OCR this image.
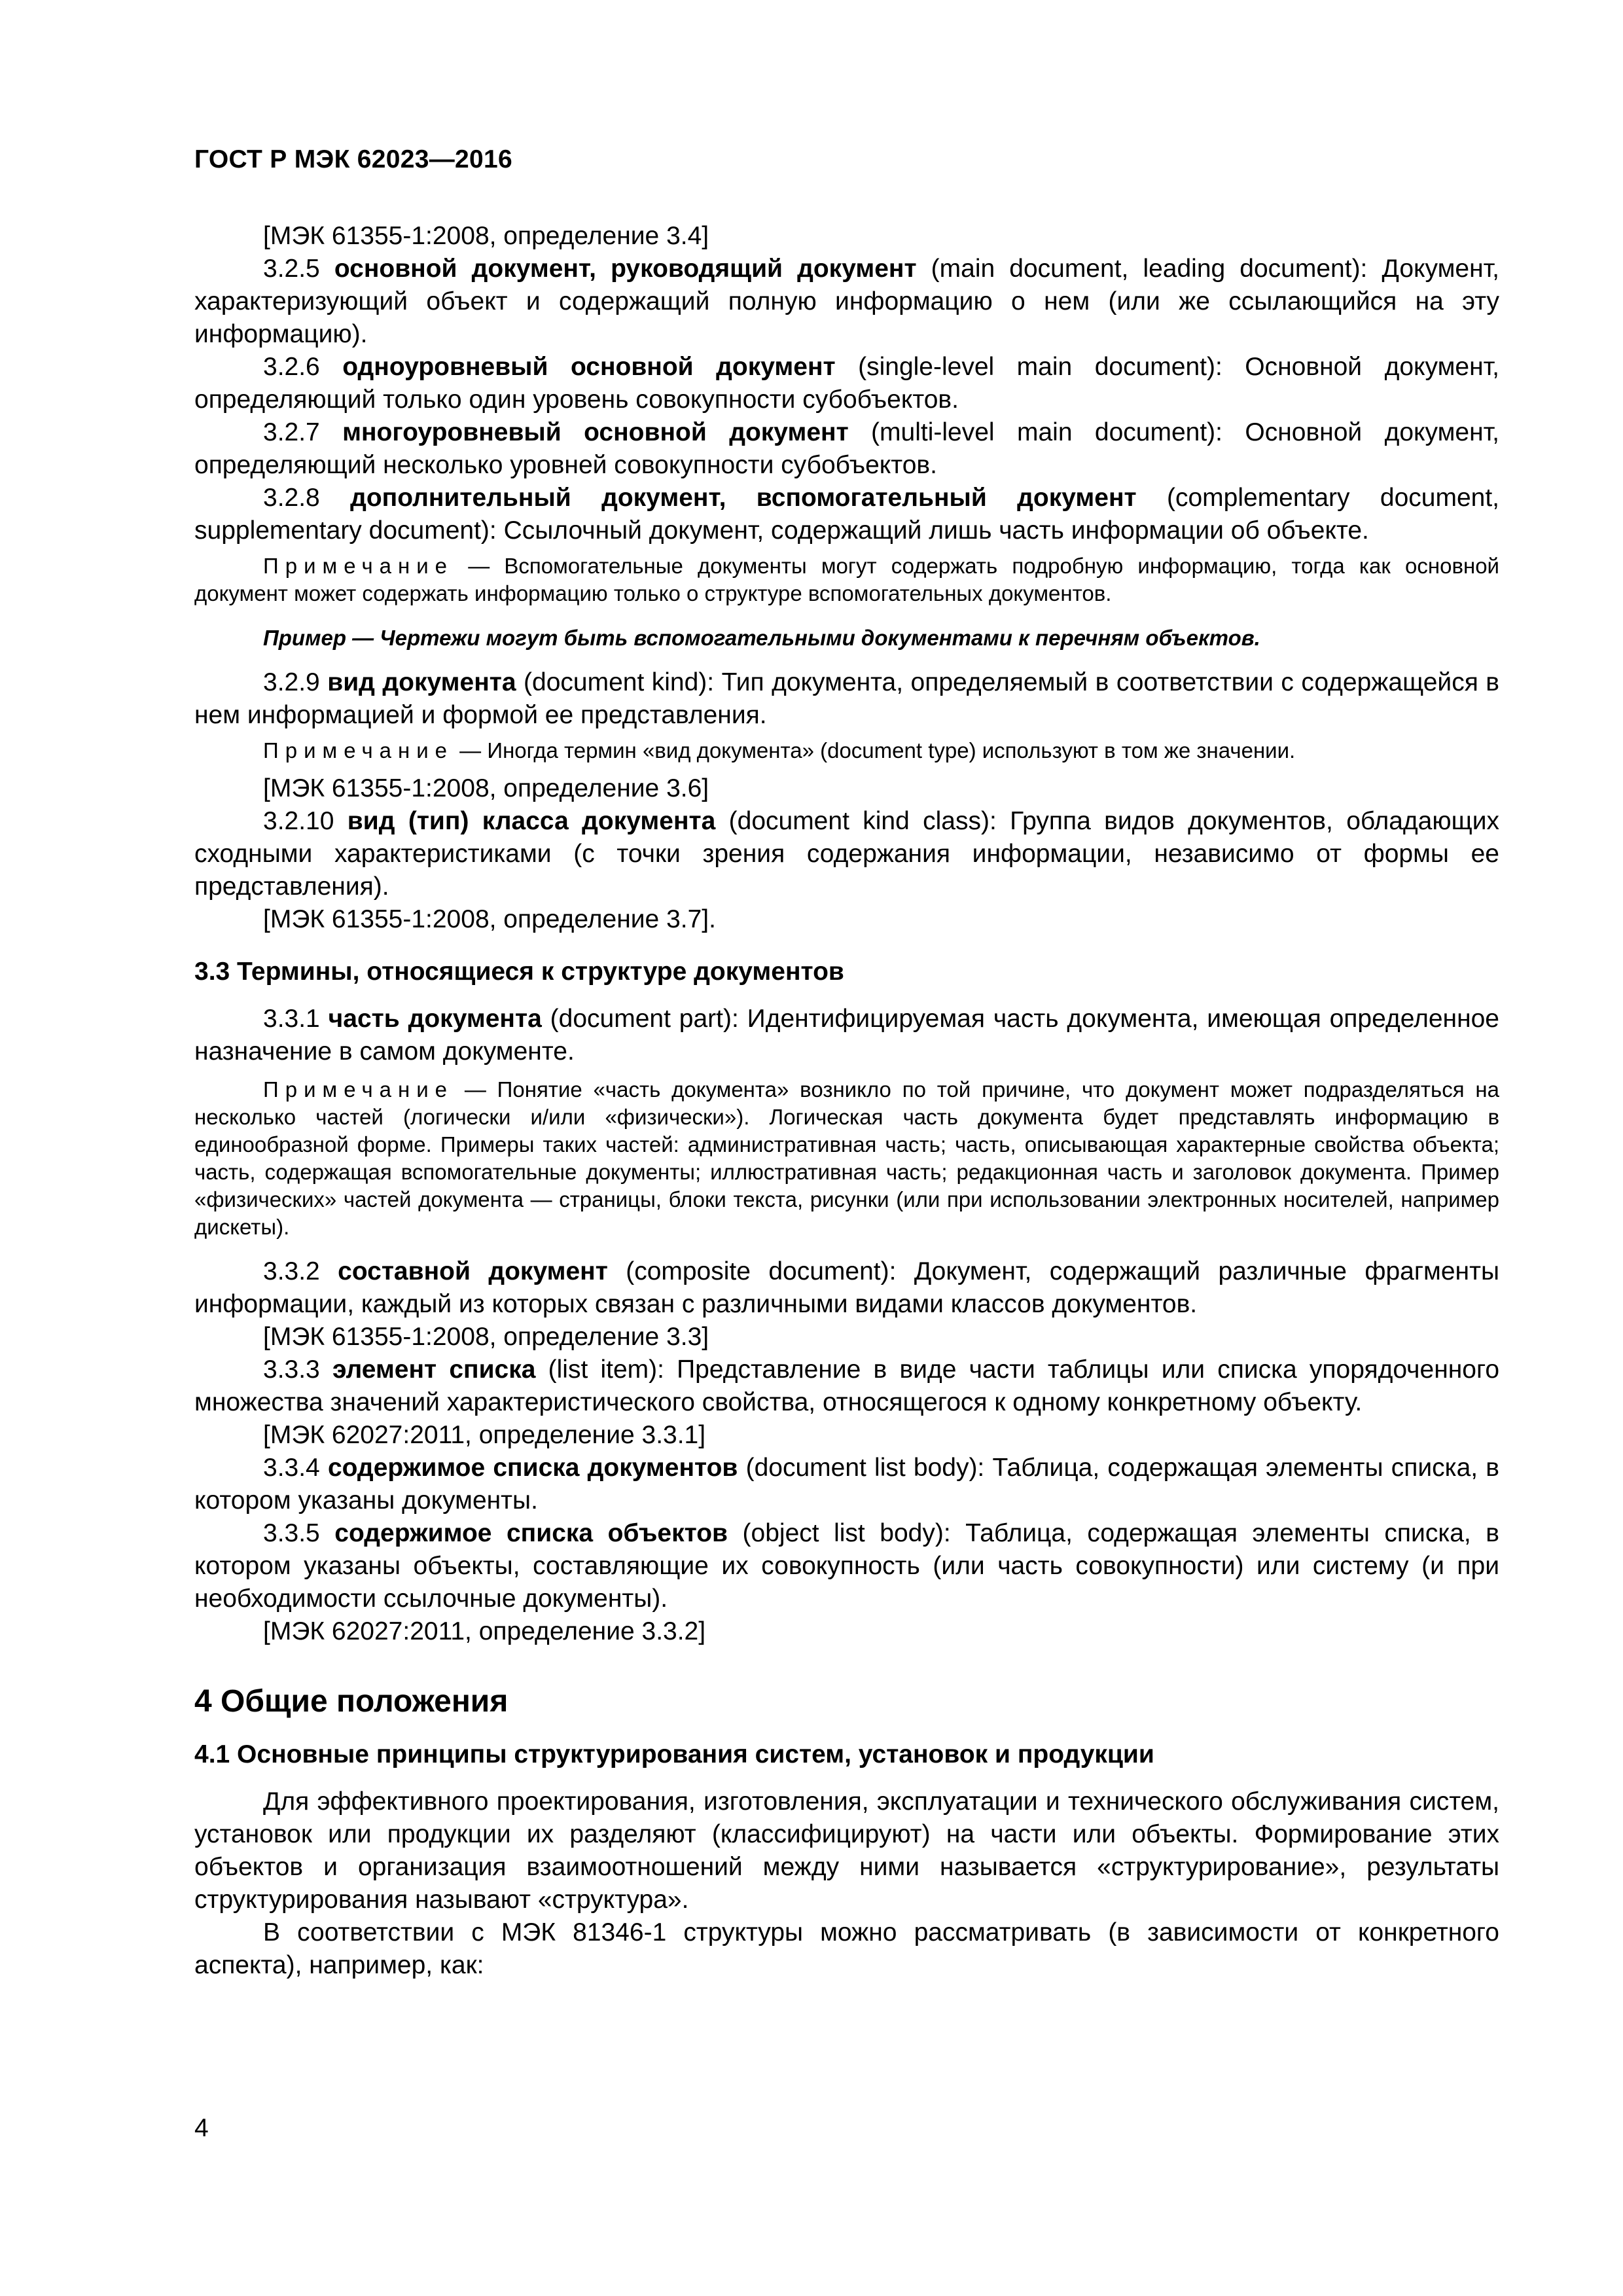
ГОСТ Р МЭК 62023—2016

[МЭК 61355-1:2008, определение 3.4]

3.2.5 основной документ, руководящий документ (main document, leading document): Документ, характеризующий объект и содержащий полную информацию о нем (или же ссылающийся на эту информацию).

3.2.6 одноуровневый основной документ (single-level main document): Основной документ, определяющий только один уровень совокупности субобъектов.

3.2.7 многоуровневый основной документ (multi-level main document): Основной документ, определяющий несколько уровней совокупности субобъектов.

3.2.8 дополнительный документ, вспомогательный документ (complementary document, supplementary document): Ссылочный документ, содержащий лишь часть информации об объекте.

Примечание — Вспомогательные документы могут содержать подробную информацию, тогда как основной документ может содержать информацию только о структуре вспомогательных документов.

Пример — Чертежи могут быть вспомогательными документами к перечням объектов.

3.2.9 вид документа (document kind): Тип документа, определяемый в соответствии с содержащейся в нем информацией и формой ее представления.

Примечание — Иногда термин «вид документа» (document type) используют в том же значении.

[МЭК 61355-1:2008, определение 3.6]

3.2.10 вид (тип) класса документа (document kind class): Группа видов документов, обладающих сходными характеристиками (с точки зрения содержания информации, независимо от формы ее представления).

[МЭК 61355-1:2008, определение 3.7].

3.3 Термины, относящиеся к структуре документов

3.3.1 часть документа (document part): Идентифицируемая часть документа, имеющая определенное назначение в самом документе.

Примечание — Понятие «часть документа» возникло по той причине, что документ может подразделяться на несколько частей (логически и/или «физически»). Логическая часть документа будет представлять информацию в единообразной форме. Примеры таких частей: административная часть; часть, описывающая характерные свойства объекта; часть, содержащая вспомогательные документы; иллюстративная часть; редакционная часть и заголовок документа. Пример «физических» частей документа — страницы, блоки текста, рисунки (или при использовании электронных носителей, например дискеты).

3.3.2 составной документ (composite document): Документ, содержащий различные фрагменты информации, каждый из которых связан с различными видами классов документов.

[МЭК 61355-1:2008, определение 3.3]

3.3.3 элемент списка (list item): Представление в виде части таблицы или списка упорядоченного множества значений характеристического свойства, относящегося к одному конкретному объекту.

[МЭК 62027:2011, определение 3.3.1]

3.3.4 содержимое списка документов (document list body): Таблица, содержащая элементы списка, в котором указаны документы.

3.3.5 содержимое списка объектов (object list body): Таблица, содержащая элементы списка, в котором указаны объекты, составляющие их совокупность (или часть совокупности) или систему (и при необходимости ссылочные документы).

[МЭК 62027:2011, определение 3.3.2]

4 Общие положения

4.1 Основные принципы структурирования систем, установок и продукции

Для эффективного проектирования, изготовления, эксплуатации и технического обслуживания систем, установок или продукции их разделяют (классифицируют) на части или объекты. Формирование этих объектов и организация взаимоотношений между ними называется «структурирование», результаты структурирования называют «структура».

В соответствии с МЭК 81346-1 структуры можно рассматривать (в зависимости от конкретного аспекта), например, как:

4
